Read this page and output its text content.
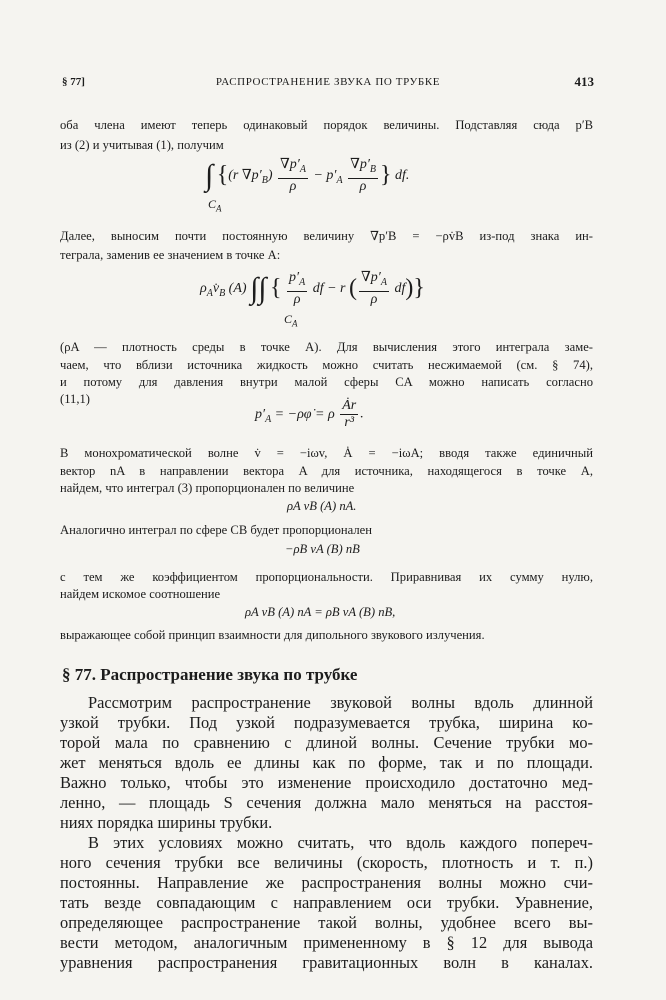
§ 77]	РАСПРОСТРАНЕНИЕ ЗВУКА ПО ТРУБКЕ	413
оба члена имеют теперь одинаковый порядок величины. Подставляя сюда p′B
из (2) и учитывая (1), получим
∫ {(r $\nabla p'_B) \frac{\nabla p'_A}{\rho} - p'_A \frac{\nabla p'_B}{\rho}$ } df.
$C_A$
Далее, выносим почти постоянную величину ∇p′B = −ρv̇B из-под знака ин-
теграла, заменив ее значением в точке A:
$\rho_Av̇_B$ (A) ∫∫ { $\frac{p'_A}{\rho}$ df − r ( $\frac{\nabla p'_A}{\rho} df$)}
$C_A$
(ρA — плотность среды в точке A). Для вычисления этого интеграла заме-
чаем, что вблизи источника жидкость можно считать несжимаемой (см. § 74),
и потому для давления внутри малой сферы CA можно написать согласно
(11,1)
$p'_A$ = −ρφ̇ = ρ $\frac{Ȧr}{\text{r³}}$ .
В монохроматической волне v̇ = −iωv, Ȧ = −iωA; вводя также единичный
вектор nA в направлении вектора A для источника, находящегося в точке A,
найдем, что интеграл (3) пропорционален по величине
ρA vB (A) nA.
Аналогично интеграл по сфере CB будет пропорционален
−ρB vA (B) nB
с тем же коэффициентом пропорциональности. Приравнивая их сумму нулю,
найдем искомое соотношение
ρA vB (A) nA = ρB vA (B) nB,
выражающее собой принцип взаимности для дипольного звукового излучения.
§ 77. Распространение звука по трубке
Рассмотрим распространение звуковой волны вдоль длинной
узкой трубки. Под узкой подразумевается трубка, ширина ко-
торой мала по сравнению с длиной волны. Сечение трубки мо-
жет меняться вдоль ее длины как по форме, так и по площади.
Важно только, чтобы это изменение происходило достаточно мед-
ленно, — площадь S сечения должна мало меняться на расстоя-
ниях порядка ширины трубки.
В этих условиях можно считать, что вдоль каждого попереч-
ного сечения трубки все величины (скорость, плотность и т. п.)
постоянны. Направление же распространения волны можно счи-
тать везде совпадающим с направлением оси трубки. Уравнение,
определяющее распространение такой волны, удобнее всего вы-
вести методом, аналогичным примененному в § 12 для вывода
уравнения распространения гравитационных волн в каналах.
